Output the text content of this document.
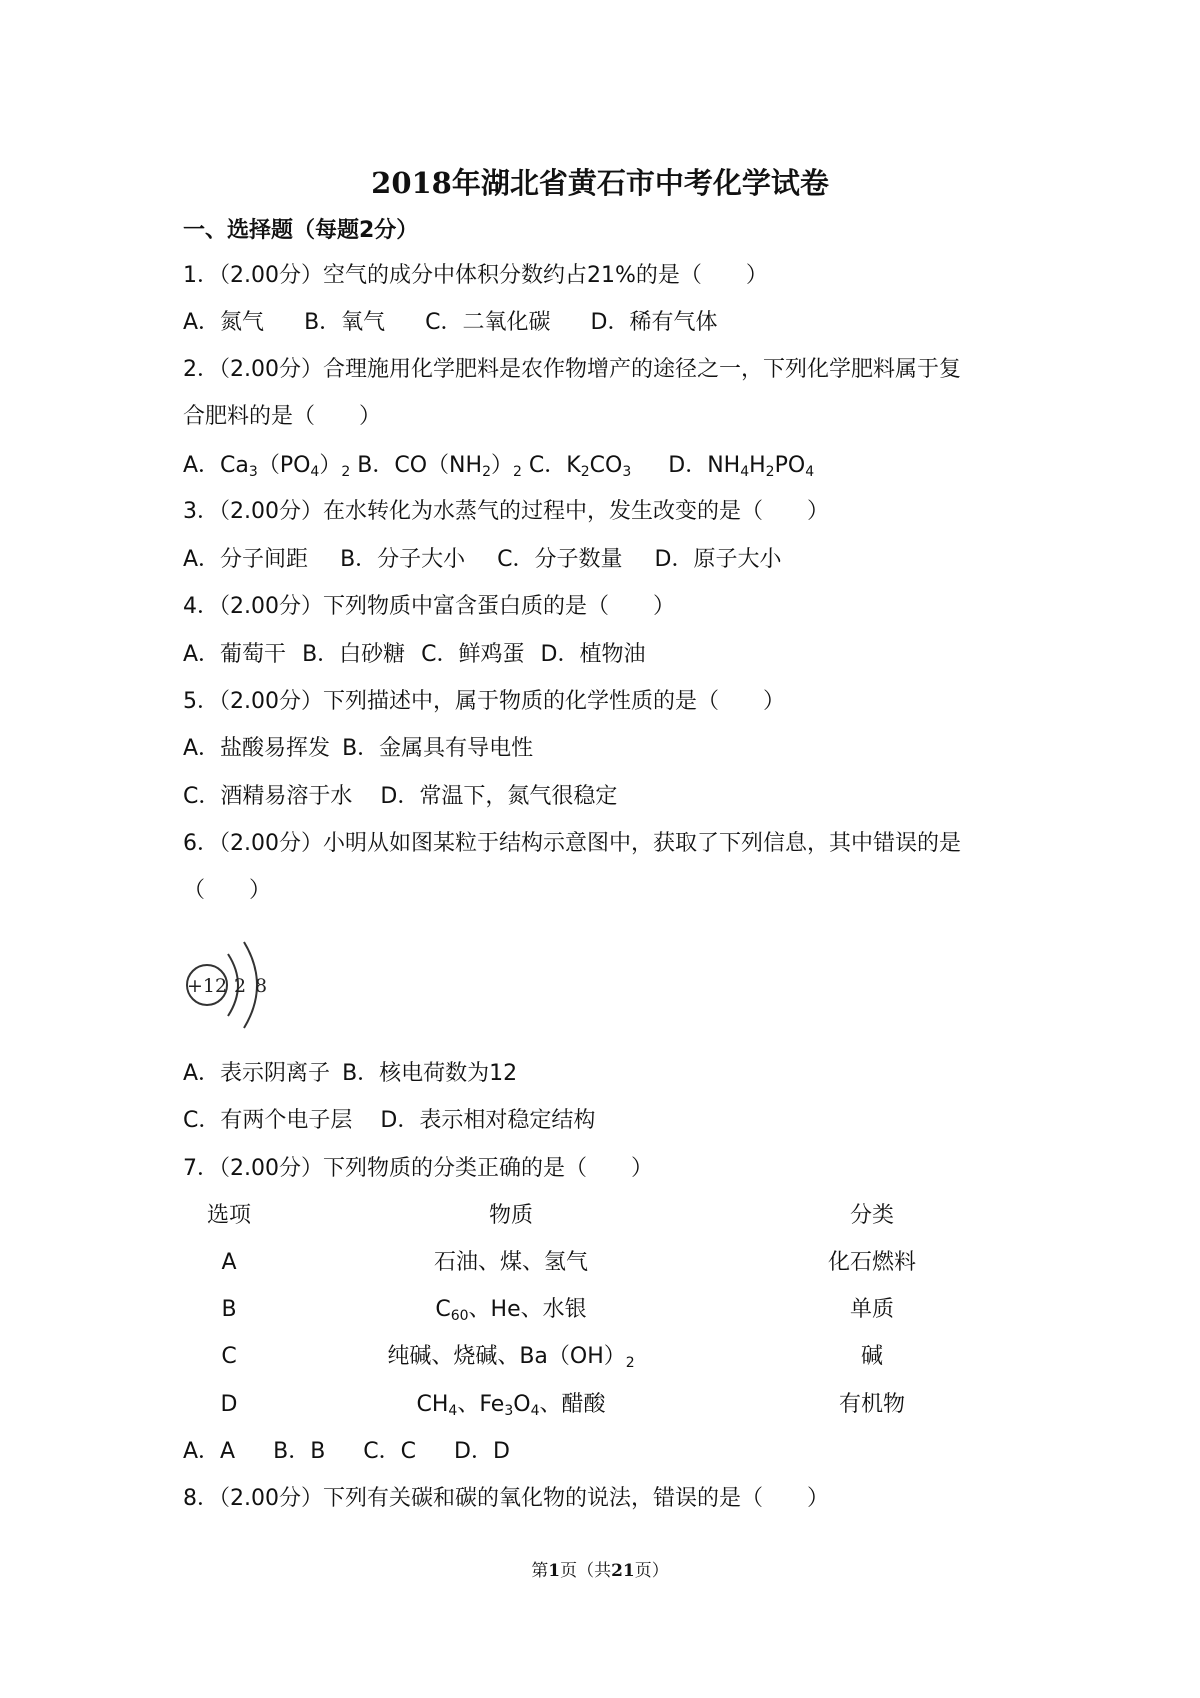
2018年湖北省黄石市中考化学试卷
一、选择题（每题2分）
1．（2.00分）空气的成分中体积分数约占21%的是（　　）
A．氮气 B．氧气 C．二氧化碳 D．稀有气体
2．（2.00分）合理施用化学肥料是农作物增产的途径之一，下列化学肥料属于复
合肥料的是（　　）
A．$Ca_3(PO_4)_2$ B．$CO(NH_2)_2$ C．$K_2CO_3$ D．$NH_4H_2PO_4$
3．（2.00分）在水转化为水蒸气的过程中，发生改变的是（　　）
A．分子间距 B．分子大小 C．分子数量 D．原子大小
4．（2.00分）下列物质中富含蛋白质的是（　　）
A．葡萄干 B．白砂糖 C．鲜鸡蛋 D．植物油
5．（2.00分）下列描述中，属于物质的化学性质的是（　　）
A．盐酸易挥发 B．金属具有导电性
C．酒精易溶于水 D．常温下，氮气很稳定
6．（2.00分）小明从如图某粒于结构示意图中，获取了下列信息，其中错误的是
（　　）
+12 2 8
A．表示阴离子 B．核电荷数为12
C．有两个电子层 D．表示相对稳定结构
7．（2.00分）下列物质的分类正确的是（　　）
选项	物质	分类
A	石油、煤、氢气	化石燃料
B	$C_{60}$、He、水银	单质
C	纯碱、烧碱、$Ba(OH)_2$	碱
D	$CH_4$、$Fe_3O_4$、醋酸	有机物
A．A B．B C．C D．D
8．（2.00分）下列有关碳和碳的氧化物的说法，错误的是（　　）
第1页（共21页）
